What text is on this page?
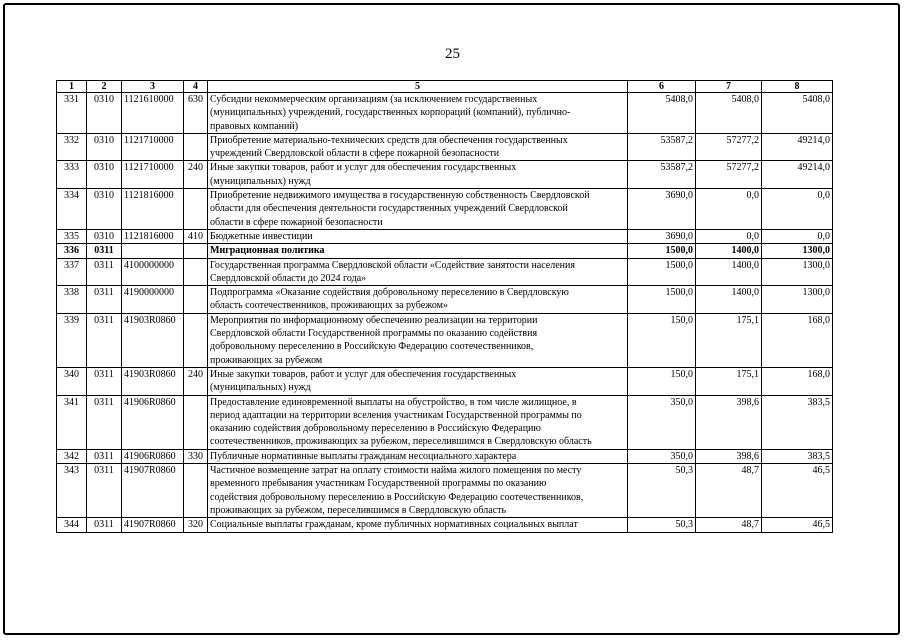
25
1	2	3	4	5	6	7	8
331	0310	1121610000	630	Субсидии некоммерческим организациям (за исключением государственных
(муниципальных) учреждений, государственных корпораций (компаний), публично-
правовых компаний)	5408,0	5408,0	5408,0
332	0310	1121710000		Приобретение материально-технических средств для обеспечения государственных
учреждений Свердловской области в сфере пожарной безопасности	53587,2	57277,2	49214,0
333	0310	1121710000	240	Иные закупки товаров, работ и услуг для обеспечения государственных
(муниципальных) нужд	53587,2	57277,2	49214,0
334	0310	1121816000		Приобретение недвижимого имущества в государственную собственность Свердловской
области для обеспечения деятельности государственных учреждений Свердловской
области в сфере пожарной безопасности	3690,0	0,0	0,0
335	0310	1121816000	410	Бюджетные инвестиции	3690,0	0,0	0,0
336	0311			Миграционная политика	1500,0	1400,0	1300,0
337	0311	4100000000		Государственная программа Свердловской области «Содействие занятости населения
Свердловской области до 2024 года»	1500,0	1400,0	1300,0
338	0311	4190000000		Подпрограмма «Оказание содействия добровольному переселению в Свердловскую
область соотечественников, проживающих за рубежом»	1500,0	1400,0	1300,0
339	0311	41903R0860		Мероприятия по информационному обеспечению реализации на территории
Свердловской области Государственной программы по оказанию содействия
добровольному переселению в Российскую Федерацию соотечественников,
проживающих за рубежом	150,0	175,1	168,0
340	0311	41903R0860	240	Иные закупки товаров, работ и услуг для обеспечения государственных
(муниципальных) нужд	150,0	175,1	168,0
341	0311	41906R0860		Предоставление единовременной выплаты на обустройство, в том числе жилищное, в
период адаптации на территории вселения участникам Государственной программы по
оказанию содействия добровольному переселению в Российскую Федерацию
соотечественников, проживающих за рубежом, переселившимся в Свердловскую область	350,0	398,6	383,5
342	0311	41906R0860	330	Публичные нормативные выплаты гражданам несоциального характера	350,0	398,6	383,5
343	0311	41907R0860		Частичное возмещение затрат на оплату стоимости найма жилого помещения по месту
временного пребывания участникам Государственной программы по оказанию
содействия добровольному переселению в Российскую Федерацию соотечественников,
проживающих за рубежом, переселившимся в Свердловскую область	50,3	48,7	46,5
344	0311	41907R0860	320	Социальные выплаты гражданам, кроме публичных нормативных социальных выплат	50,3	48,7	46,5
